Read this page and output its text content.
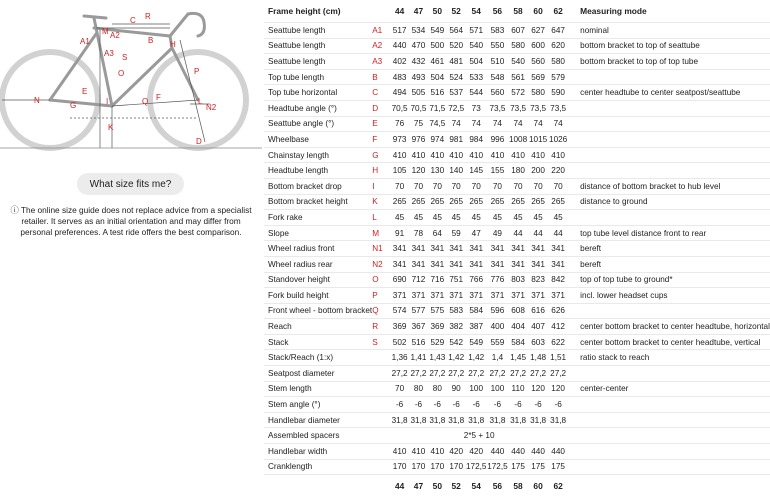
A1
M
C R
A2
B H
A3
O
S
P
N
E
G	I	Q F	L
K
D
N2
What size fits me?
ⓘ The online size guide does not replace advice from a specialist retailer. It serves as an initial orientation and may differ from personal preferences. A test ride offers the best comparison.
Frame height (cm)		44	47	50	52	54	56	58	60	62	Measuring mode
Seattube length	A1	517	534	549	564	571	583	607	627	647	nominal
Seattube length	A2	440	470	500	520	540	550	580	600	620	bottom bracket to top of seattube
Seattube length	A3	402	432	461	481	504	510	540	560	580	bottom bracket to top of top tube
Top tube length	B	483	493	504	524	533	548	561	569	579	
Top tube horizontal	C	494	505	516	537	544	560	572	580	590	center headtube to center seatpost/seattube
Headtube angle (°)	D	70,5	70,5	71,5	72,5	73	73,5	73,5	73,5	73,5	
Seattube angle (°)	E	76	75	74,5	74	74	74	74	74	74	
Wheelbase	F	973	976	974	981	984	996	1008	1015	1026	
Chainstay length	G	410	410	410	410	410	410	410	410	410	
Headtube length	H	105	120	130	140	145	155	180	200	220	
Bottom bracket drop	I	70	70	70	70	70	70	70	70	70	distance of bottom bracket to hub level
Bottom bracket height	K	265	265	265	265	265	265	265	265	265	distance to ground
Fork rake	L	45	45	45	45	45	45	45	45	45	
Slope	M	91	78	64	59	47	49	44	44	44	top tube level distance front to rear
Wheel radius front	N1	341	341	341	341	341	341	341	341	341	bereft
Wheel radius rear	N2	341	341	341	341	341	341	341	341	341	bereft
Standover height	O	690	712	716	751	766	776	803	823	842	top of top tube to ground*
Fork build height	P	371	371	371	371	371	371	371	371	371	incl. lower headset cups
Front wheel - bottom bracket	Q	574	577	575	583	584	596	608	616	626	
Reach	R	369	367	369	382	387	400	404	407	412	center bottom bracket to center headtube, horizontal
Stack	S	502	516	529	542	549	559	584	603	622	center bottom bracket to center headtube, vertical
Stack/Reach (1:x)		1,36	1,41	1,43	1,42	1,42	1,4	1,45	1,48	1,51	ratio stack to reach
Seatpost diameter		27,2	27,2	27,2	27,2	27,2	27,2	27,2	27,2	27,2	
Stem length		70	80	80	90	100	100	110	120	120	center-center
Stem angle (°)		-6	-6	-6	-6	-6	-6	-6	-6	-6	
Handlebar diameter		31,8	31,8	31,8	31,8	31,8	31,8	31,8	31,8	31,8	
Assembled spacers		2*5 + 10									
Handlebar width		410	410	410	420	420	440	440	440	440	
Cranklength		170	170	170	170	172,5	172,5	175	175	175	
		44	47	50	52	54	56	58	60	62	
